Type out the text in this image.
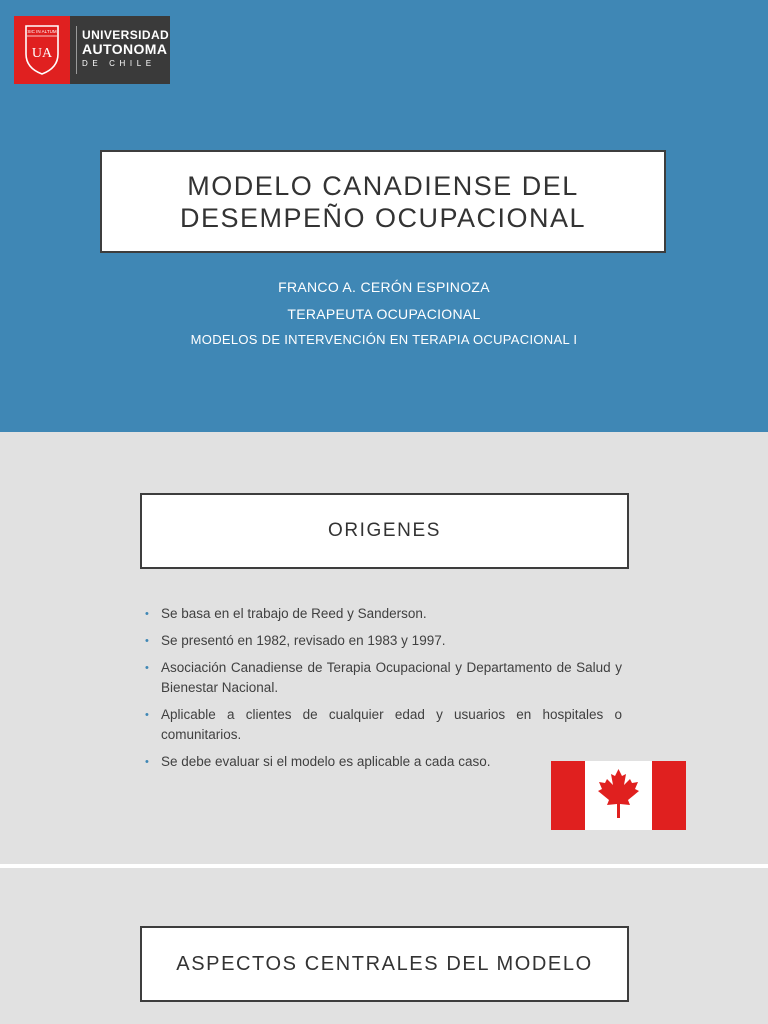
SIC IN ALTUM
UA
UNIVERSIDAD
AUTONOMA
DE CHILE
MODELO CANADIENSE DEL
DESEMPEÑO OCUPACIONAL
FRANCO A. CERÓN ESPINOZA
TERAPEUTA OCUPACIONAL
MODELOS DE INTERVENCIÓN EN TERAPIA OCUPACIONAL I
ORIGENES
• Se basa en el trabajo de Reed y Sanderson.
• Se presentó en 1982, revisado en 1983 y 1997.
• Asociación Canadiense de Terapia Ocupacional y Departamento de Salud y Bienestar Nacional.
• Aplicable a clientes de cualquier edad y usuarios en hospitales o comunitarios.
• Se debe evaluar si el modelo es aplicable a cada caso.
ASPECTOS CENTRALES DEL MODELO
